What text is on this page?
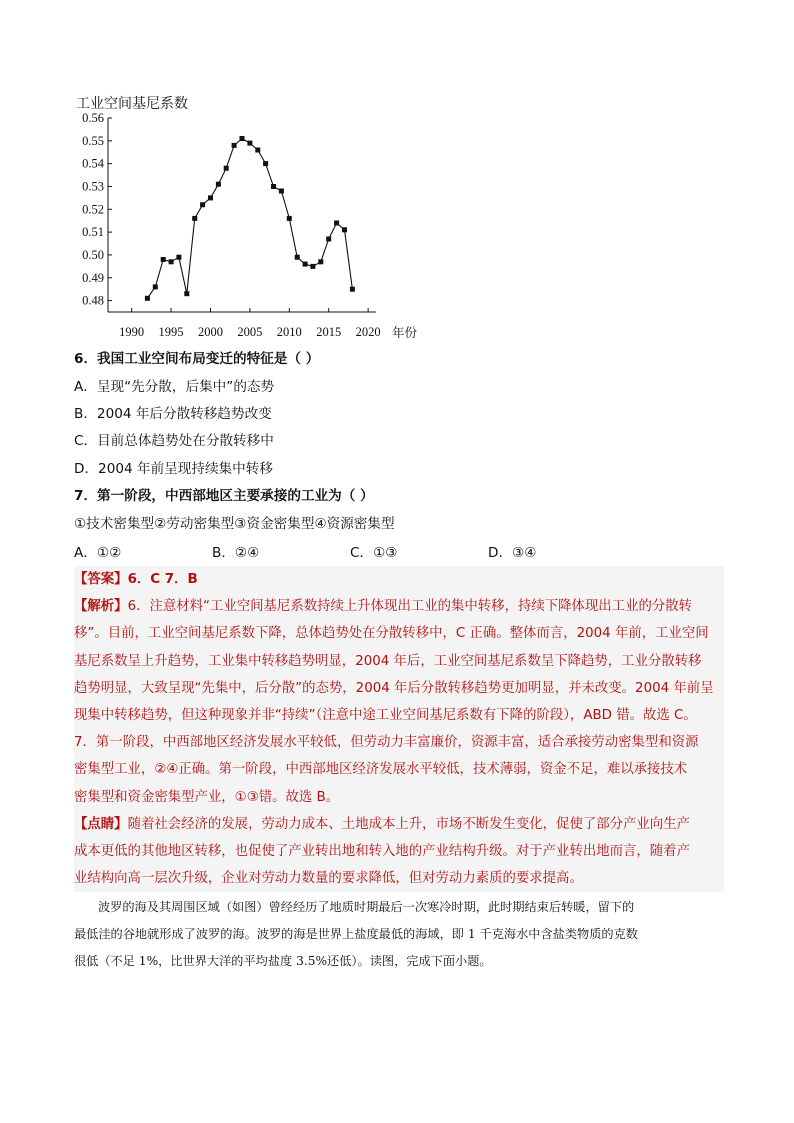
工业空间基尼系数
0.48
0.49
0.50
0.51
0.52
0.53
0.54
0.55
0.56
1990 1995 2000 2005 2010 2015 2020 年份
6．我国工业空间布局变迁的特征是（ ）
A．呈现“先分散，后集中”的态势
B．2004 年后分散转移趋势改变
C．目前总体趋势处在分散转移中
D．2004 年前呈现持续集中转移
7．第一阶段，中西部地区主要承接的工业为（ ）
①技术密集型②劳动密集型③资金密集型④资源密集型
A．①②	B．②④	C．①③	D．③④
【答案】6．C 7．B
【解析】6．注意材料“工业空间基尼系数持续上升体现出工业的集中转移，持续下降体现出工业的分散转
移”。目前，工业空间基尼系数下降，总体趋势处在分散转移中，C 正确。整体而言，2004 年前，工业空间
基尼系数呈上升趋势，工业集中转移趋势明显，2004 年后，工业空间基尼系数呈下降趋势，工业分散转移
趋势明显，大致呈现“先集中，后分散”的态势，2004 年后分散转移趋势更加明显，并未改变。2004 年前呈
现集中转移趋势，但这种现象并非“持续”（注意中途工业空间基尼系数有下降的阶段），ABD 错。故选 C。
7．第一阶段，中西部地区经济发展水平较低，但劳动力丰富廉价，资源丰富，适合承接劳动密集型和资源
密集型工业，②④正确。第一阶段，中西部地区经济发展水平较低，技术薄弱，资金不足，难以承接技术
密集型和资金密集型产业，①③错。故选 B。
【点睛】随着社会经济的发展，劳动力成本、土地成本上升，市场不断发生变化，促使了部分产业向生产
成本更低的其他地区转移，也促使了产业转出地和转入地的产业结构升级。对于产业转出地而言，随着产
业结构向高一层次升级，企业对劳动力数量的要求降低，但对劳动力素质的要求提高。
波罗的海及其周围区域（如图）曾经经历了地质时期最后一次寒冷时期，此时期结束后转暖，留下的
最低洼的谷地就形成了波罗的海。波罗的海是世界上盐度最低的海域，即 1 千克海水中含盐类物质的克数
很低（不足 1%，比世界大洋的平均盐度 3.5%还低）。读图，完成下面小题。
